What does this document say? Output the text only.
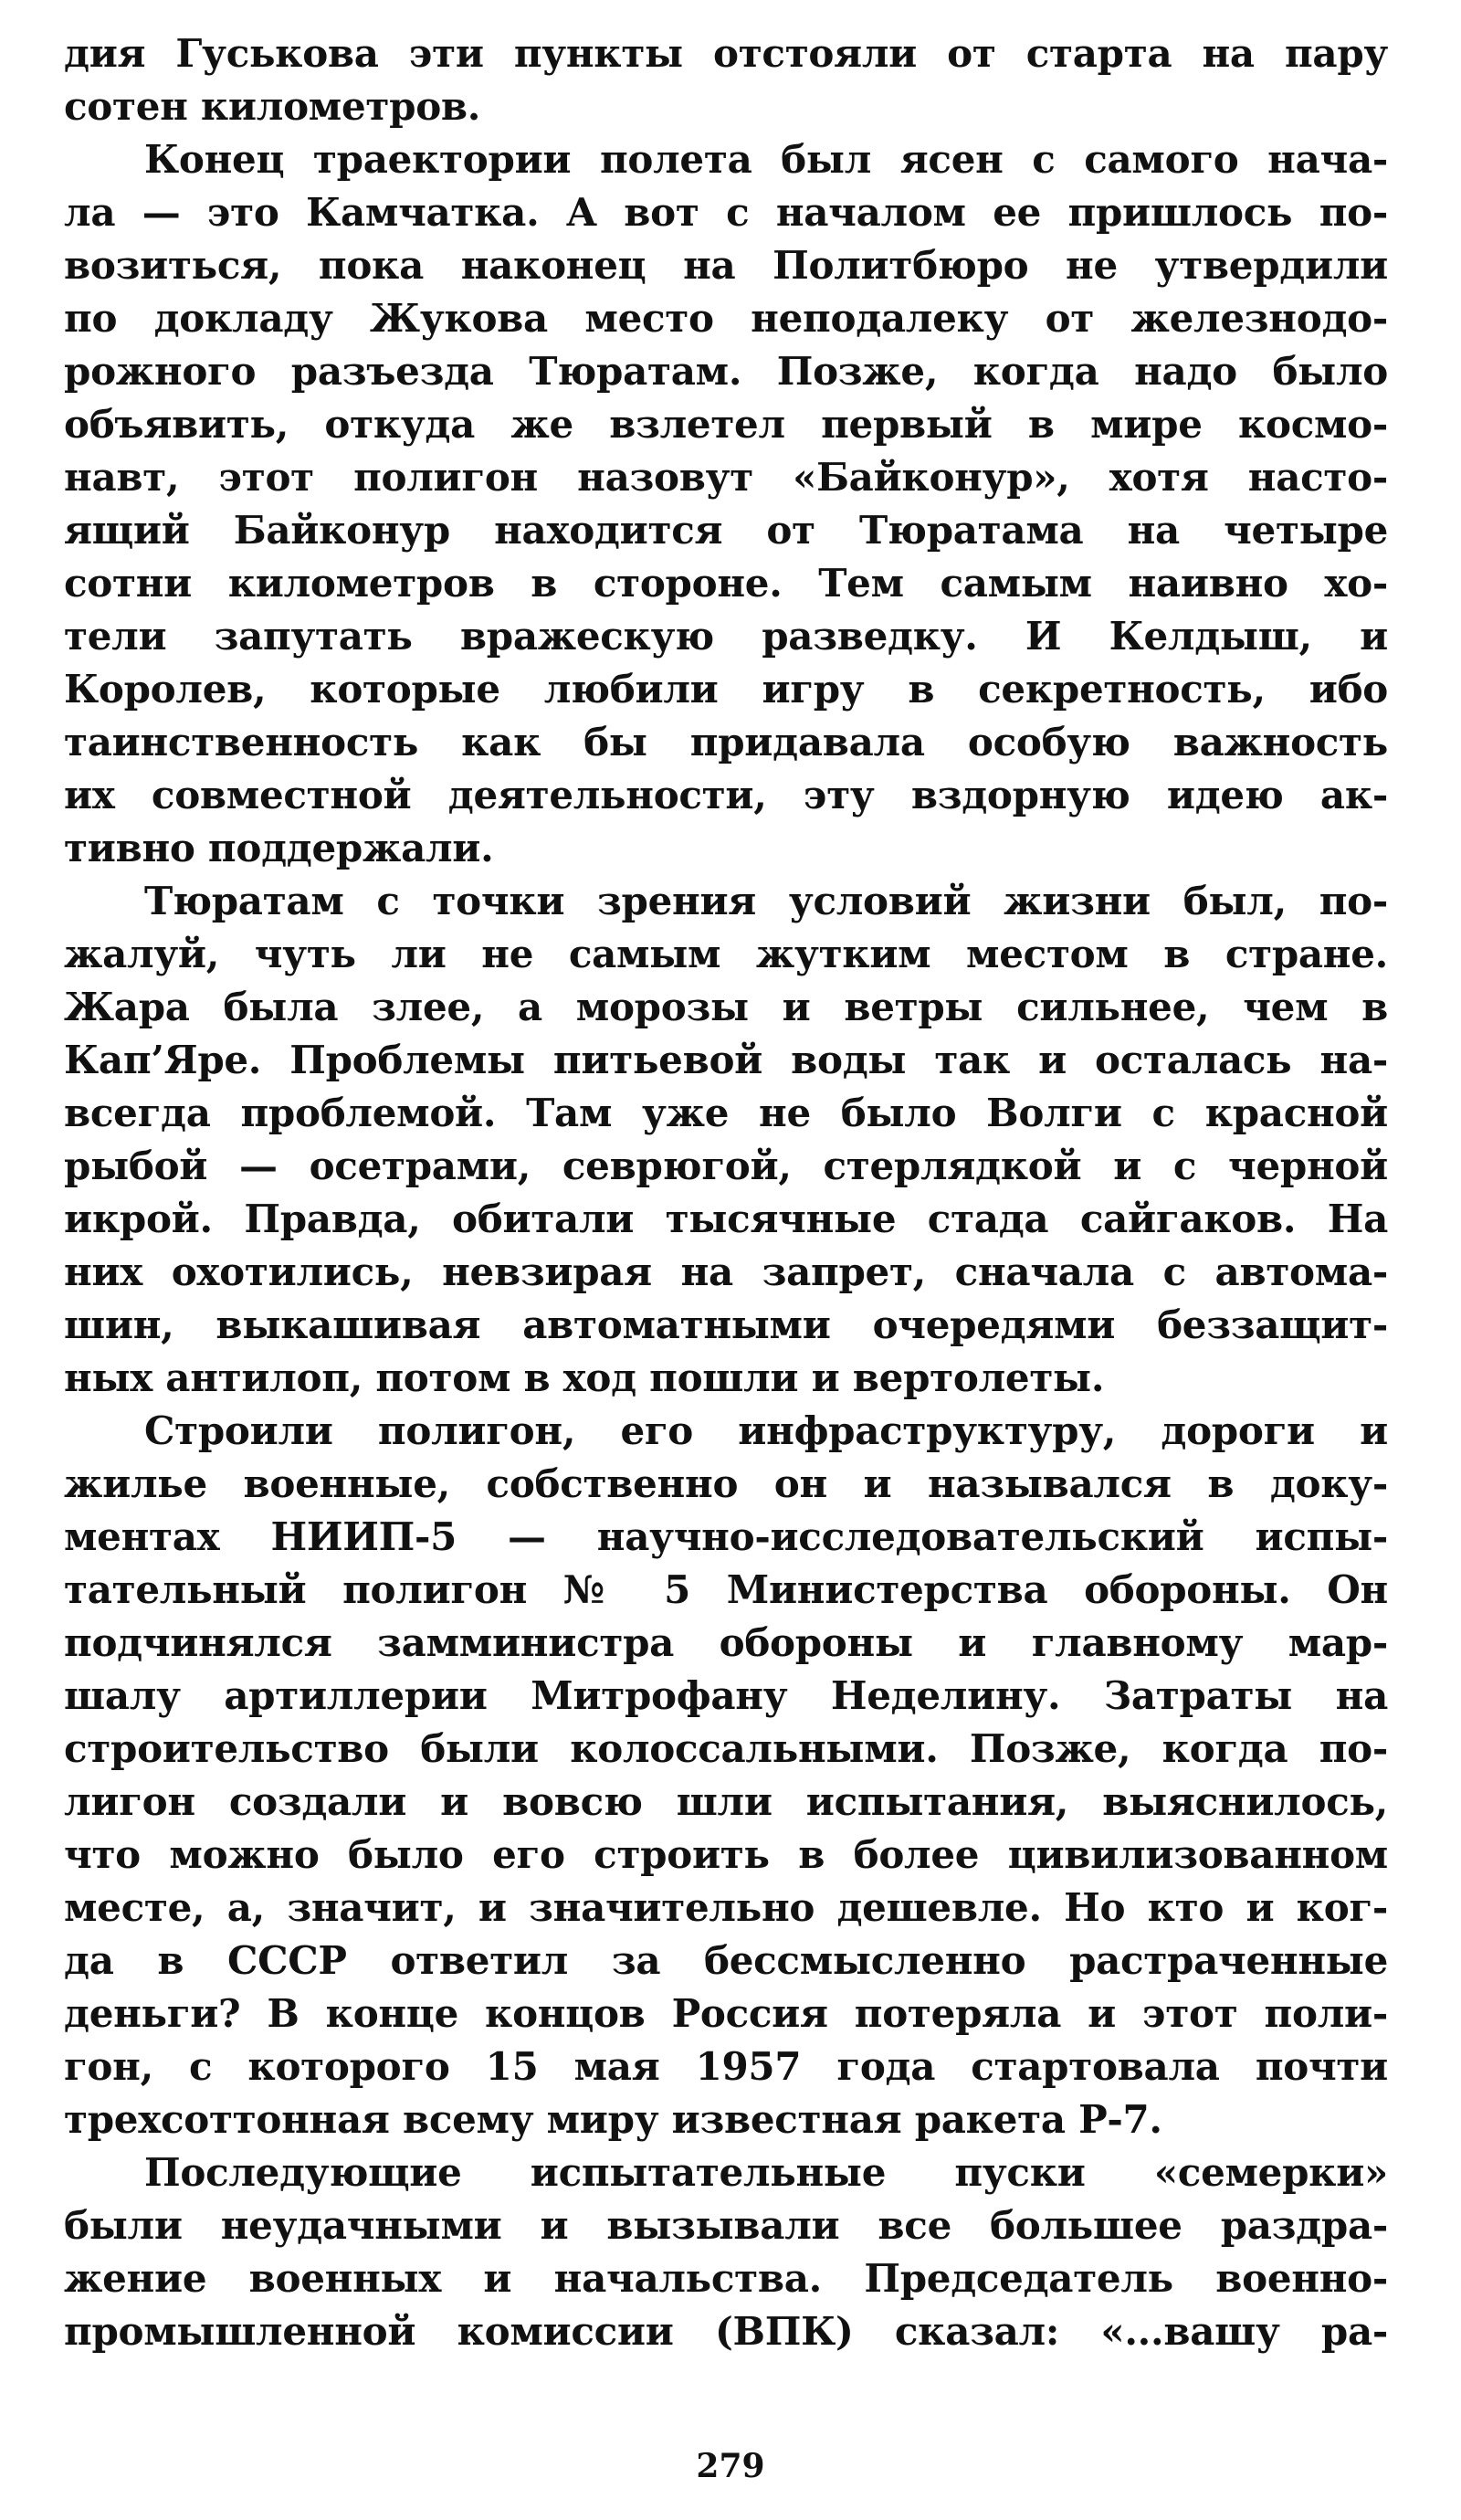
дия Гуськова эти пункты отстояли от старта на пару
сотен километров.
Конец траектории полета был ясен с самого нача-
ла — это Камчатка. А вот с началом ее пришлось по-
возиться, пока наконец на Политбюро не утвердили
по докладу Жукова место неподалеку от железнодо-
рожного разъезда Тюратам. Позже, когда надо было
объявить, откуда же взлетел первый в мире космо-
навт, этот полигон назовут «Байконур», хотя насто-
ящий Байконур находится от Тюратама на четыре
сотни километров в стороне. Тем самым наивно хо-
тели запутать вражескую разведку. И Келдыш, и
Королев, которые любили игру в секретность, ибо
таинственность как бы придавала особую важность
их совместной деятельности, эту вздорную идею ак-
тивно поддержали.
Тюратам с точки зрения условий жизни был, по-
жалуй, чуть ли не самым жутким местом в стране.
Жара была злее, а морозы и ветры сильнее, чем в
Кап’Яре. Проблемы питьевой воды так и осталась на-
всегда проблемой. Там уже не было Волги с красной
рыбой — осетрами, севрюгой, стерлядкой и с черной
икрой. Правда, обитали тысячные стада сайгаков. На
них охотились, невзирая на запрет, сначала с автома-
шин, выкашивая автоматными очередями беззащит-
ных антилоп, потом в ход пошли и вертолеты.
Строили полигон, его инфраструктуру, дороги и
жилье военные, собственно он и назывался в доку-
ментах НИИП-5 — научно-исследовательский испы-
тательный полигон № 5 Министерства обороны. Он
подчинялся замминистра обороны и главному мар-
шалу артиллерии Митрофану Неделину. Затраты на
строительство были колоссальными. Позже, когда по-
лигон создали и вовсю шли испытания, выяснилось,
что можно было его строить в более цивилизованном
месте, а, значит, и значительно дешевле. Но кто и ког-
да в СССР ответил за бессмысленно растраченные
деньги? В конце концов Россия потеряла и этот поли-
гон, с которого 15 мая 1957 года стартовала почти
трехсоттонная всему миру известная ракета Р-7.
Последующие испытательные пуски «семерки»
были неудачными и вызывали все большее раздра-
жение военных и начальства. Председатель военно-
промышленной комиссии (ВПК) сказал: «...вашу ра-
279
